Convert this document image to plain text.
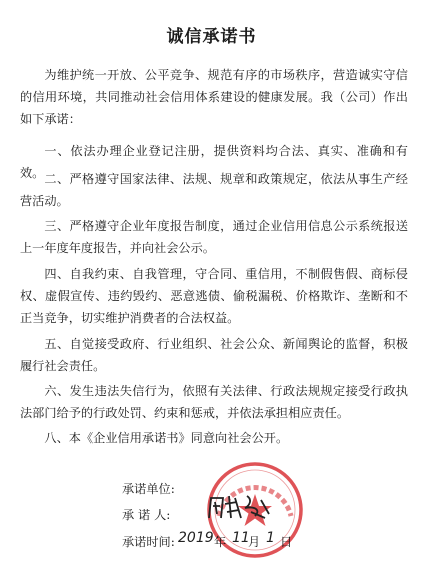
诚信承诺书

为维护统一开放、公平竞争、规范有序的市场秩序，营造诚实守信的信用环境，共同推动社会信用体系建设的健康发展。我（公司）作出如下承诺：

一、依法办理企业登记注册，提供资料均合法、真实、准确和有效。 二、严格遵守国家法律、法规、规章和政策规定，依法从事生产经营活动。

三、严格遵守企业年度报告制度，通过企业信用信息公示系统报送上一年度年度报告，并向社会公示。

四、自我约束、自我管理，守合同、重信用，不制假售假、商标侵权、虚假宣传、违约毁约、恶意逃债、偷税漏税、价格欺诈、垄断和不正当竞争，切实维护消费者的合法权益。

五、自觉接受政府、行业组织、社会公众、新闻舆论的监督，积极履行社会责任。

六、发生违法失信行为，依照有关法律、行政法规规定接受行政执法部门给予的行政处罚、约束和惩戒，并依法承担相应责任。

八、本《企业信用承诺书》同意向社会公开。

承诺单位:
承 诺 人:
承诺时间: 2019 年 11
月 1 日
